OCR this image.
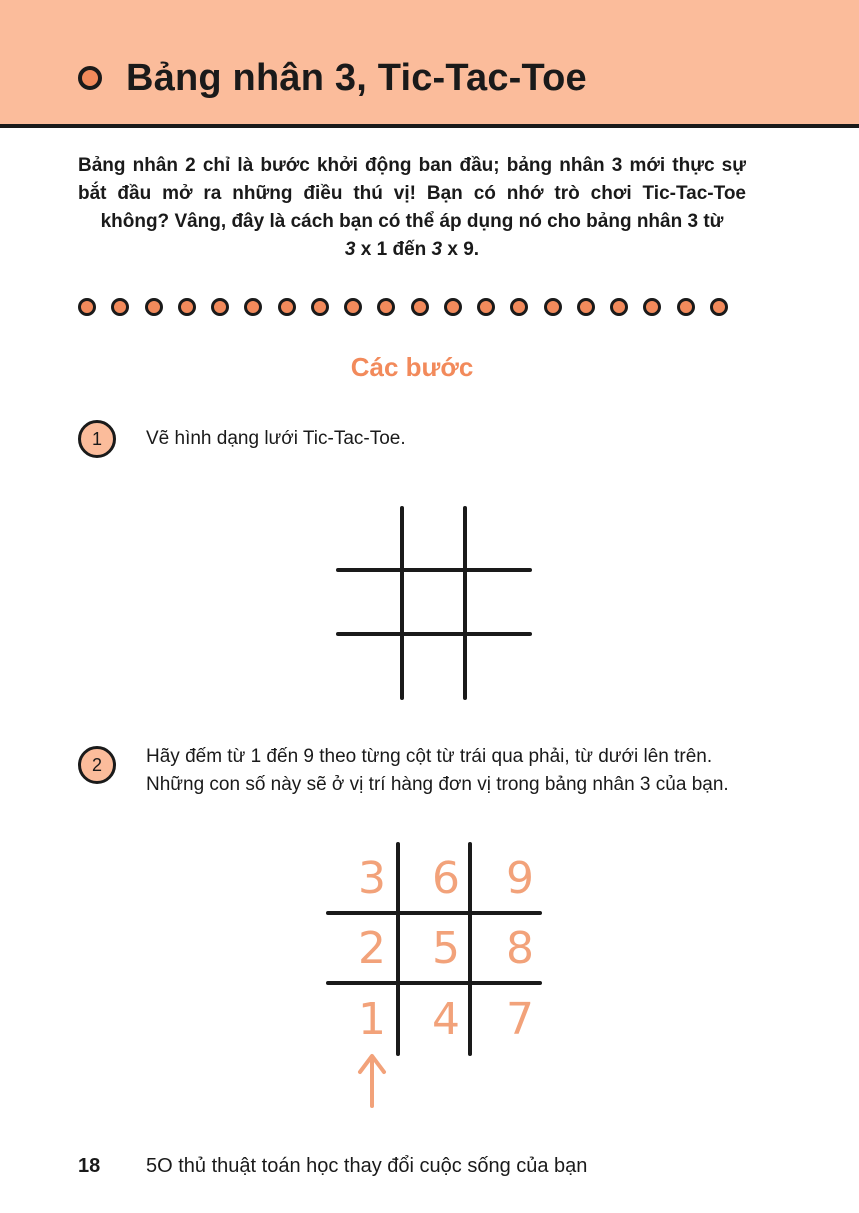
Bảng nhân 3, Tic-Tac-Toe

Bảng nhân 2 chỉ là bước khởi động ban đầu; bảng nhân 3 mới thực sự bắt đầu mở ra những điều thú vị! Bạn có nhớ trò chơi Tic-Tac-Toe không? Vâng, đây là cách bạn có thể áp dụng nó cho bảng nhân 3 từ
3 x 1 đến 3 x 9.

Các bước
1 Vẽ hình dạng lưới Tic-Tac-Toe.

2 Hãy đếm từ 1 đến 9 theo từng cột từ trái qua phải, từ dưới lên trên. Những con số này sẽ ở vị trí hàng đơn vị trong bảng nhân 3 của bạn.

3 6 9
2 5 8
1 4 7
18 5O thủ thuật toán học thay đổi cuộc sống của bạn
